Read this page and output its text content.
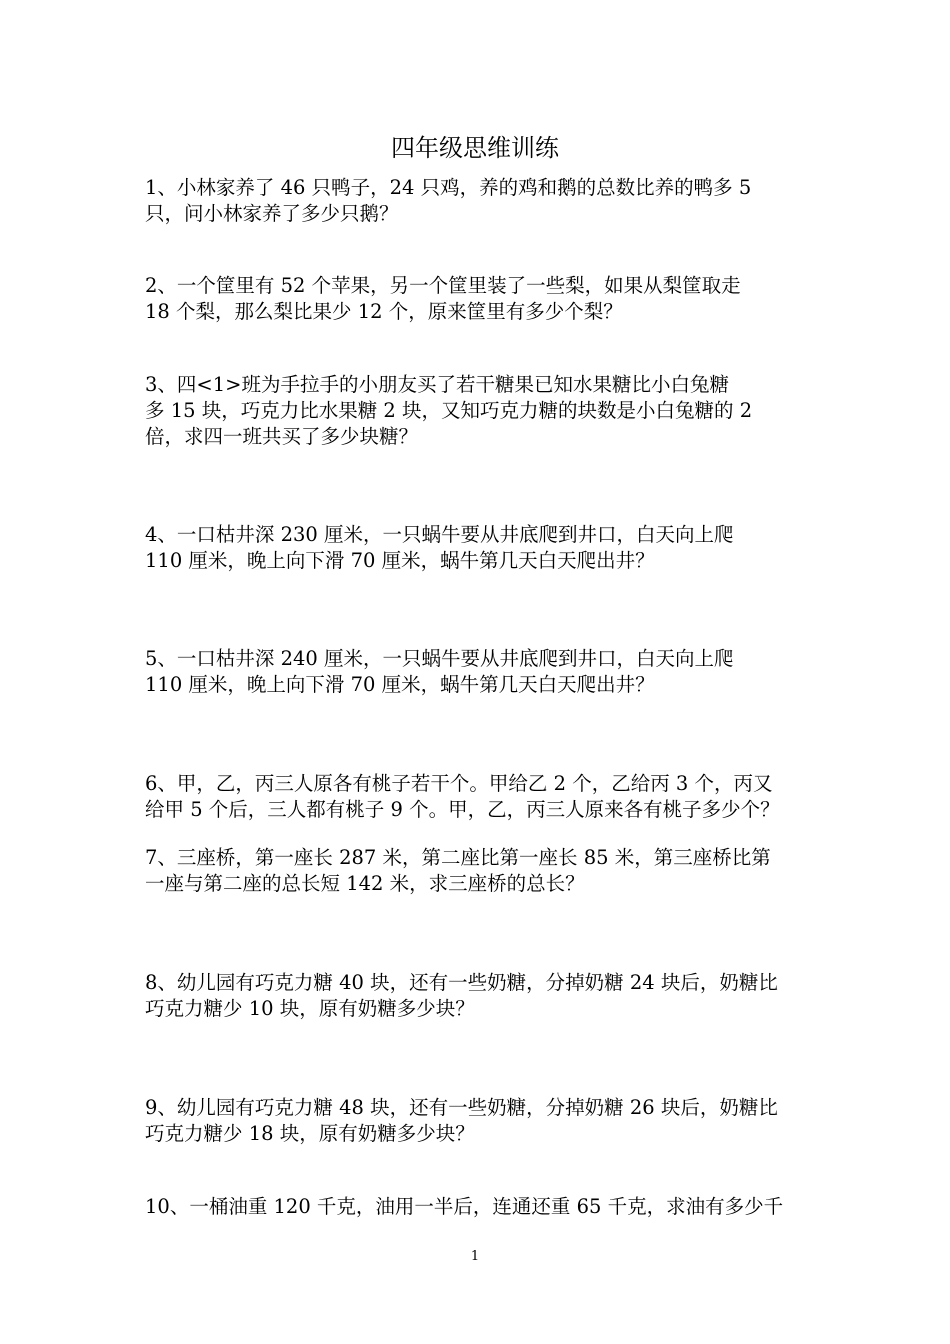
四年级思维训练
1、小林家养了 46 只鸭子，24 只鸡，养的鸡和鹅的总数比养的鸭多 5
只，问小林家养了多少只鹅？
2、一个筐里有 52 个苹果，另一个筐里装了一些梨，如果从梨筐取走
18 个梨，那么梨比果少 12 个，原来筐里有多少个梨？
3、四<1>班为手拉手的小朋友买了若干糖果已知水果糖比小白兔糖
多 15 块，巧克力比水果糖 2 块，又知巧克力糖的块数是小白兔糖的 2
倍，求四一班共买了多少块糖？
4、一口枯井深 230 厘米，一只蜗牛要从井底爬到井口，白天向上爬
110 厘米，晚上向下滑 70 厘米，蜗牛第几天白天爬出井？
5、一口枯井深 240 厘米，一只蜗牛要从井底爬到井口，白天向上爬
110 厘米，晚上向下滑 70 厘米，蜗牛第几天白天爬出井？
6、甲，乙，丙三人原各有桃子若干个。甲给乙 2 个，乙给丙 3 个，丙又
给甲 5 个后，三人都有桃子 9 个。甲，乙，丙三人原来各有桃子多少个？
7、三座桥，第一座长 287 米，第二座比第一座长 85 米，第三座桥比第
一座与第二座的总长短 142 米，求三座桥的总长？
8、幼儿园有巧克力糖 40 块，还有一些奶糖，分掉奶糖 24 块后，奶糖比
巧克力糖少 10 块，原有奶糖多少块？
9、幼儿园有巧克力糖 48 块，还有一些奶糖，分掉奶糖 26 块后，奶糖比
巧克力糖少 18 块，原有奶糖多少块？
10、一桶油重 120 千克，油用一半后，连通还重 65 千克，求油有多少千
1
